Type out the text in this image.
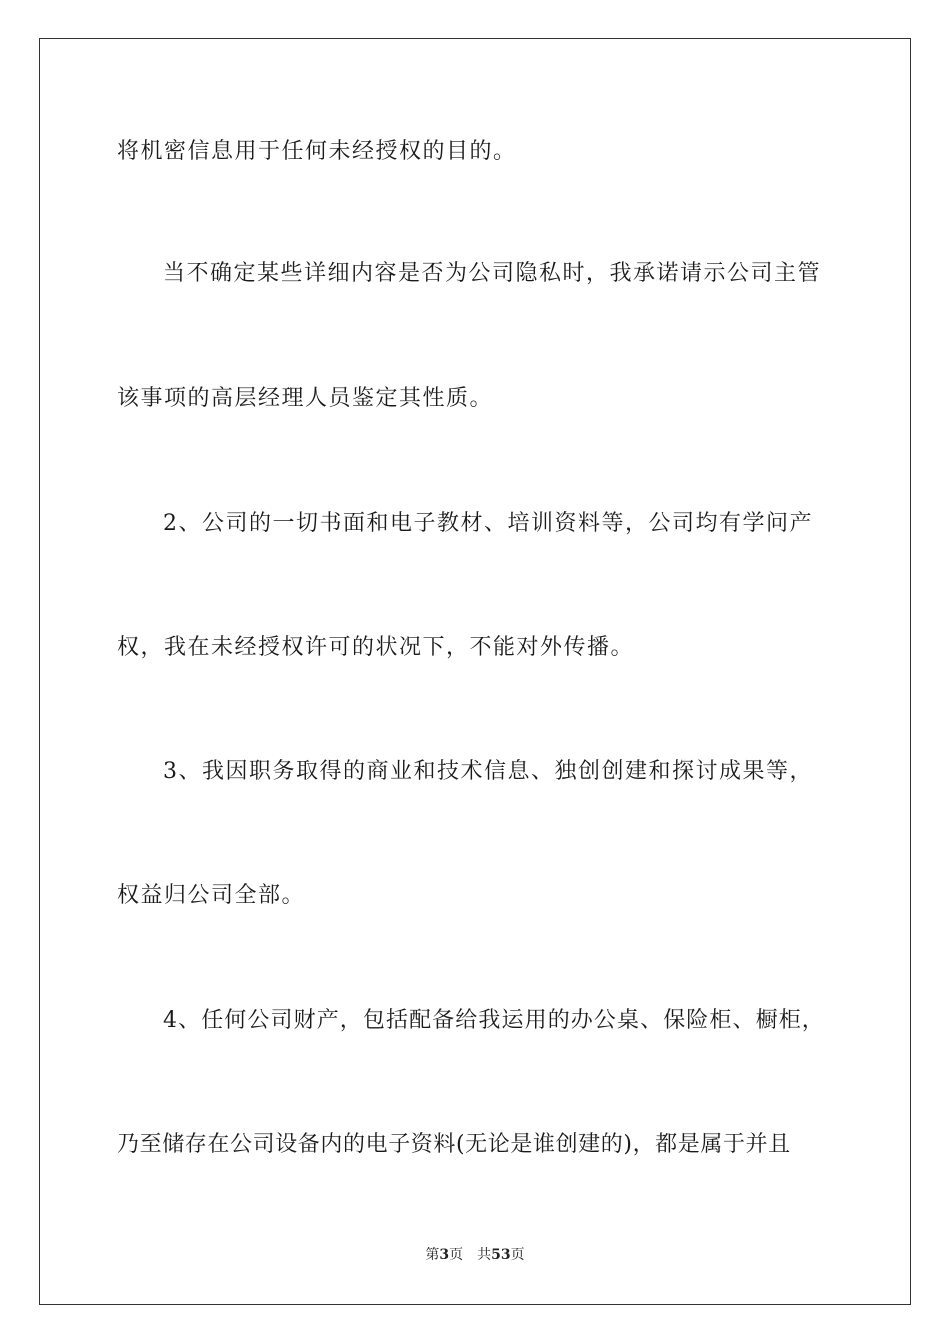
将机密信息用于任何未经授权的目的。
当不确定某些详细内容是否为公司隐私时，我承诺请示公司主管
该事项的高层经理人员鉴定其性质。
2、公司的一切书面和电子教材、培训资料等，公司均有学问产
权，我在未经授权许可的状况下，不能对外传播。
3、我因职务取得的商业和技术信息、独创创建和探讨成果等，
权益归公司全部。
4、任何公司财产，包括配备给我运用的办公桌、保险柜、橱柜，
乃至储存在公司设备内的电子资料(无论是谁创建的)，都是属于并且
第3页 共53页
